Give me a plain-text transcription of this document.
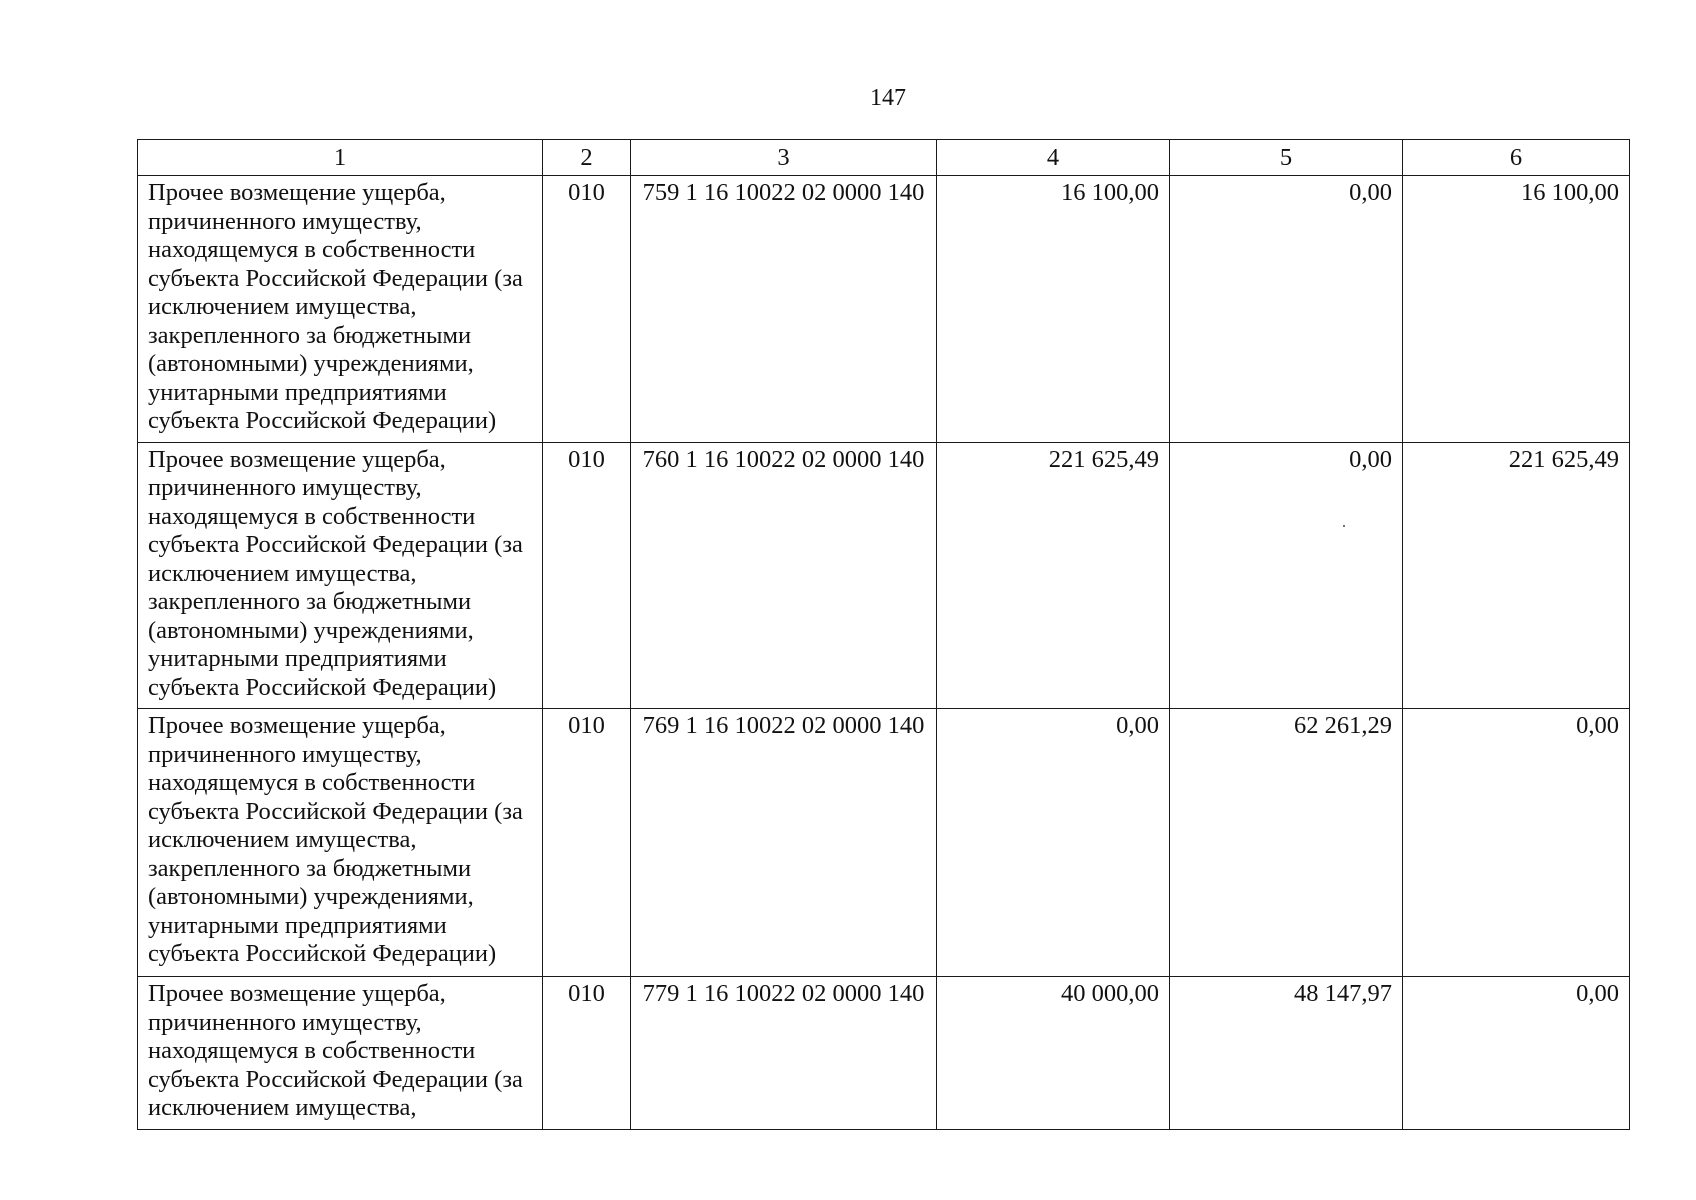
147
1	2	3	4	5	6
Прочее возмещение ущерба, причиненного имуществу, находящемуся в собственности субъекта Российской Федерации (за исключением имущества, закрепленного за бюджетными (автономными) учреждениями, унитарными предприятиями субъекта Российской Федерации)	010	759 1 16 10022 02 0000 140	16 100,00	0,00	16 100,00
Прочее возмещение ущерба, причиненного имуществу, находящемуся в собственности субъекта Российской Федерации (за исключением имущества, закрепленного за бюджетными (автономными) учреждениями, унитарными предприятиями субъекта Российской Федерации)	010	760 1 16 10022 02 0000 140	221 625,49	0,00	221 625,49
Прочее возмещение ущерба, причиненного имуществу, находящемуся в собственности субъекта Российской Федерации (за исключением имущества, закрепленного за бюджетными (автономными) учреждениями, унитарными предприятиями субъекта Российской Федерации)	010	769 1 16 10022 02 0000 140	0,00	62 261,29	0,00
Прочее возмещение ущерба, причиненного имуществу, находящемуся в собственности субъекта Российской Федерации (за исключением имущества,	010	779 1 16 10022 02 0000 140	40 000,00	48 147,97	0,00
